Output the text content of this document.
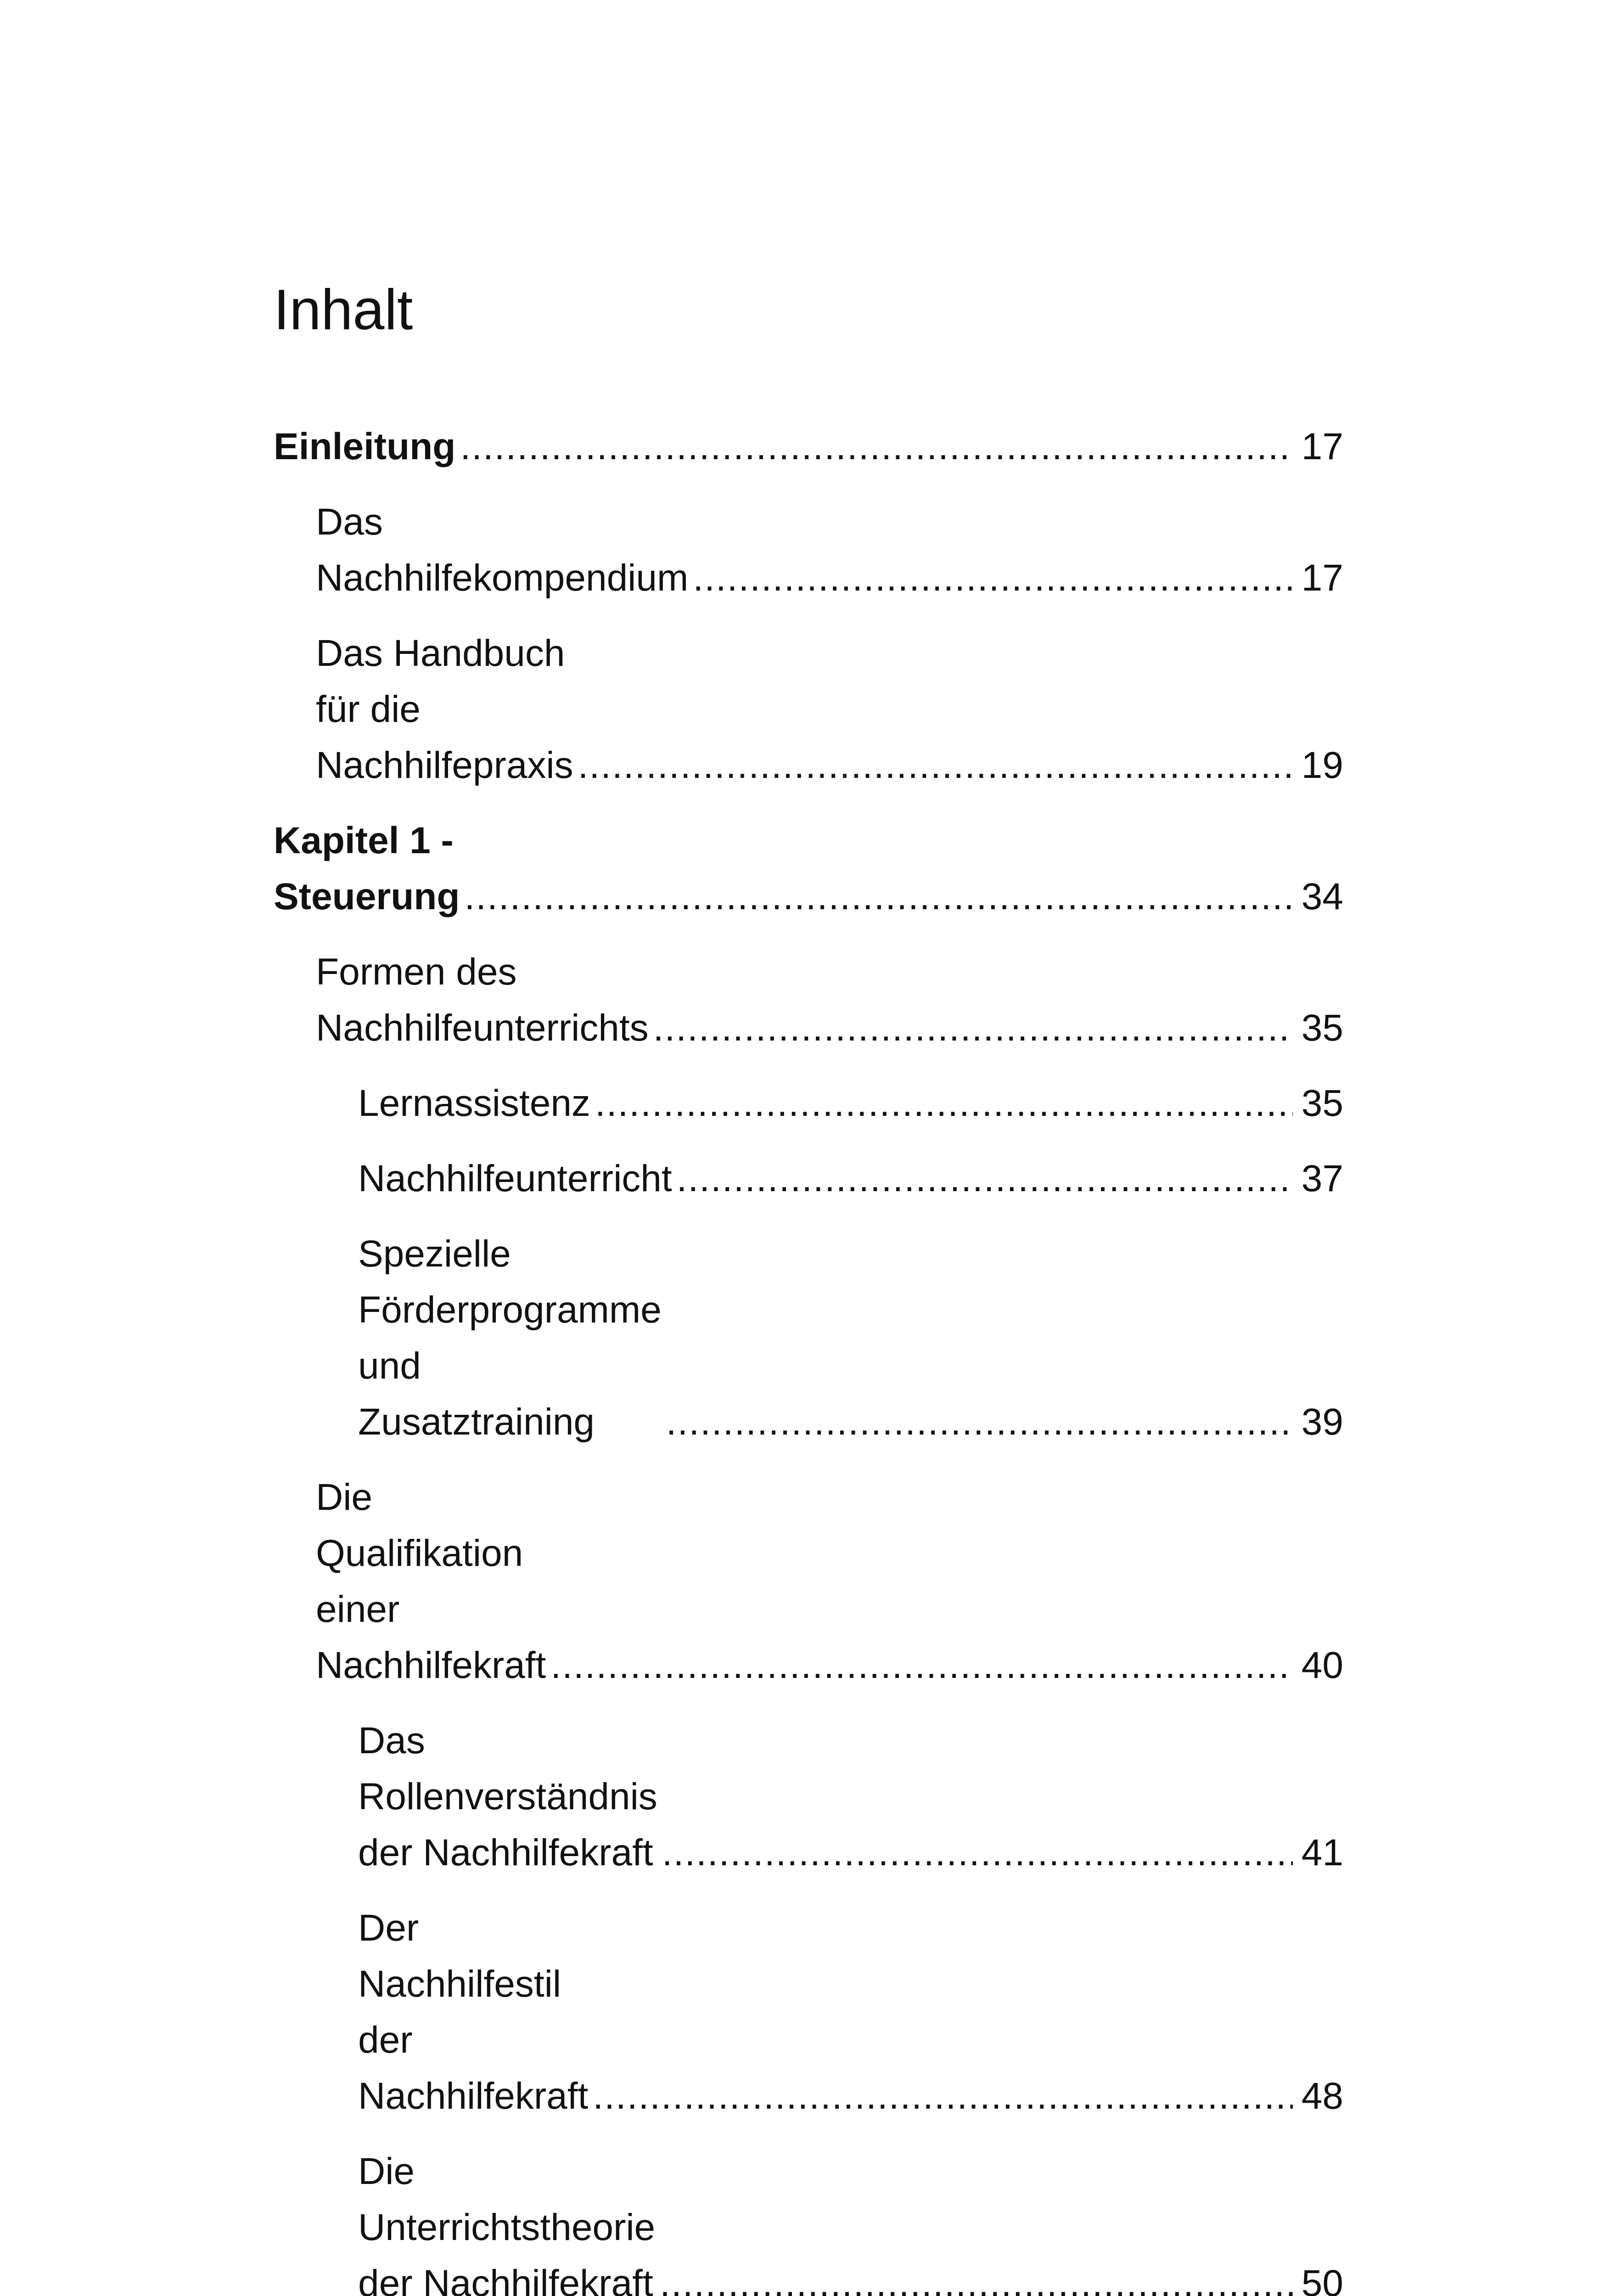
Inhalt
Einleitung .....	17
Das Nachhilfekompendium .....	17
Das Handbuch für die Nachhilfepraxis .....	19
Kapitel 1 - Steuerung .....	34
Formen des Nachhilfeunterrichts .....	35
Lernassistenz .....	35
Nachhilfeunterricht .....	37
Spezielle Förderprogramme und Zusatztraining .....	39
Die Qualifikation einer Nachhilfekraft .....	40
Das Rollenverständnis der Nachhilfekraft .....	41
Der Nachhilfestil der Nachhilfekraft .....	48
Die Unterrichtstheorie der Nachhilfekraft .....	50
